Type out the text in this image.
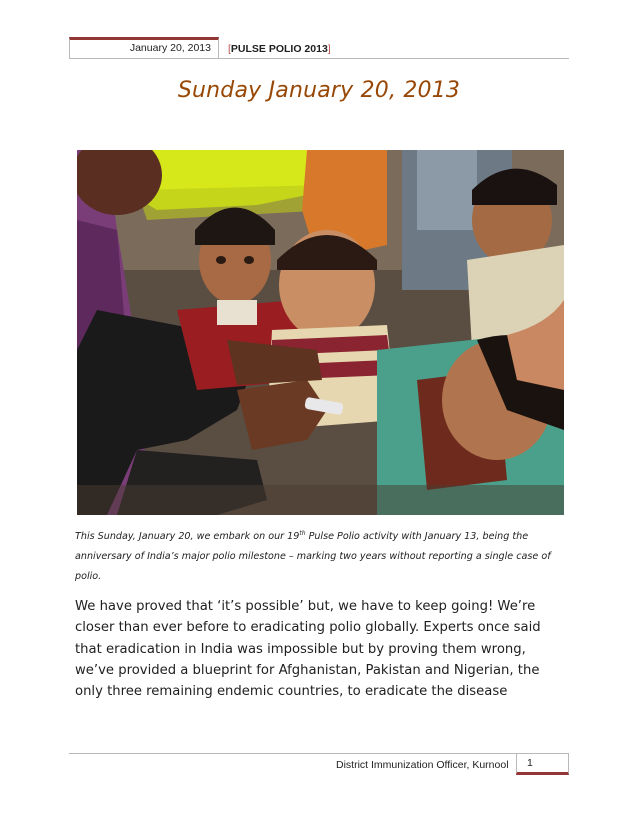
January 20, 2013	[PULSE POLIO 2013]
Sunday January 20, 2013
This Sunday, January 20, we embark on our 19th Pulse Polio activity with January 13, being the anniversary of India’s major polio milestone – marking two years without reporting a single case of polio.
We have proved that ‘it’s possible’ but, we have to keep going! We’re closer than ever before to eradicating polio globally. Experts once said that eradication in India was impossible but by proving them wrong, we’ve provided a blueprint for Afghanistan, Pakistan and Nigerian, the only three remaining endemic countries, to eradicate the disease
District Immunization Officer, Kurnool	1
